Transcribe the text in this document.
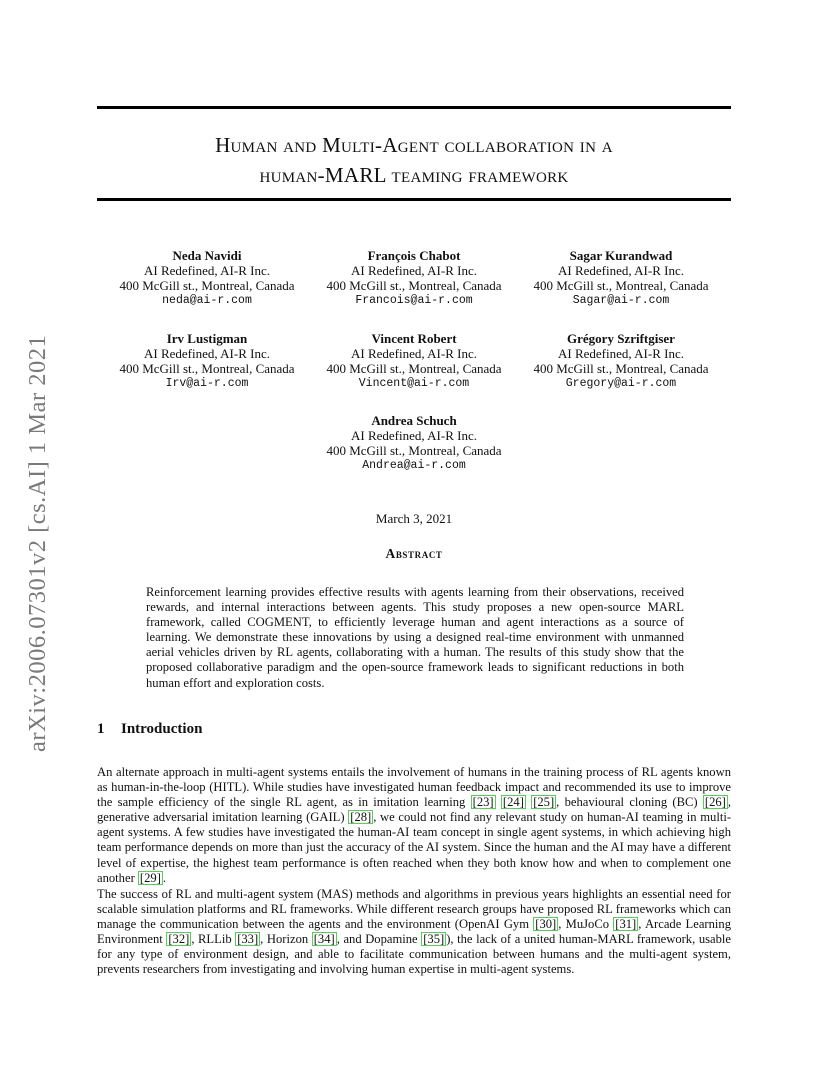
arXiv:2006.07301v2 [cs.AI] 1 Mar 2021
Human and Multi-Agent collaboration in a
human-MARL teaming framework
Neda Navidi
AI Redefined, AI-R Inc.
400 McGill st., Montreal, Canada
neda@ai-r.com
François Chabot
AI Redefined, AI-R Inc.
400 McGill st., Montreal, Canada
Francois@ai-r.com
Sagar Kurandwad
AI Redefined, AI-R Inc.
400 McGill st., Montreal, Canada
Sagar@ai-r.com
Irv Lustigman
AI Redefined, AI-R Inc.
400 McGill st., Montreal, Canada
Irv@ai-r.com
Vincent Robert
AI Redefined, AI-R Inc.
400 McGill st., Montreal, Canada
Vincent@ai-r.com
Grégory Szriftgiser
AI Redefined, AI-R Inc.
400 McGill st., Montreal, Canada
Gregory@ai-r.com
Andrea Schuch
AI Redefined, AI-R Inc.
400 McGill st., Montreal, Canada
Andrea@ai-r.com
March 3, 2021
Abstract
Reinforcement learning provides effective results with agents learning from their observations, received rewards, and internal interactions between agents. This study proposes a new open-source MARL framework, called COGMENT, to efficiently leverage human and agent interactions as a source of learning. We demonstrate these innovations by using a designed real-time environment with unmanned aerial vehicles driven by RL agents, collaborating with a human. The results of this study show that the proposed collaborative paradigm and the open-source framework leads to significant reductions in both human effort and exploration costs.
1 Introduction
An alternate approach in multi-agent systems entails the involvement of humans in the training process of RL agents known as human-in-the-loop (HITL). While studies have investigated human feedback impact and recommended its use to improve the sample efficiency of the single RL agent, as in imitation learning [23] [24] [25] , behavioural cloning (BC) [26] , generative adversarial imitation learning (GAIL) [28] , we could not find any relevant study on human-AI teaming in multi-agent systems. A few studies have investigated the human-AI team concept in single agent systems, in which achieving high team performance depends on more than just the accuracy of the AI system. Since the human and the AI may have a different level of expertise, the highest team performance is often reached when they both know how and when to complement one another [29] .
The success of RL and multi-agent system (MAS) methods and algorithms in previous years highlights an essential need for scalable simulation platforms and RL frameworks. While different research groups have proposed RL frameworks which can manage the communication between the agents and the environment (OpenAI Gym [30] , MuJoCo [31] , Arcade Learning Environment [32] , RLLib [33] , Horizon [34] , and Dopamine [35] ), the lack of a united human-MARL framework, usable for any type of environment design, and able to facilitate communication between humans and the multi-agent system, prevents researchers from investigating and involving human expertise in multi-agent systems.
